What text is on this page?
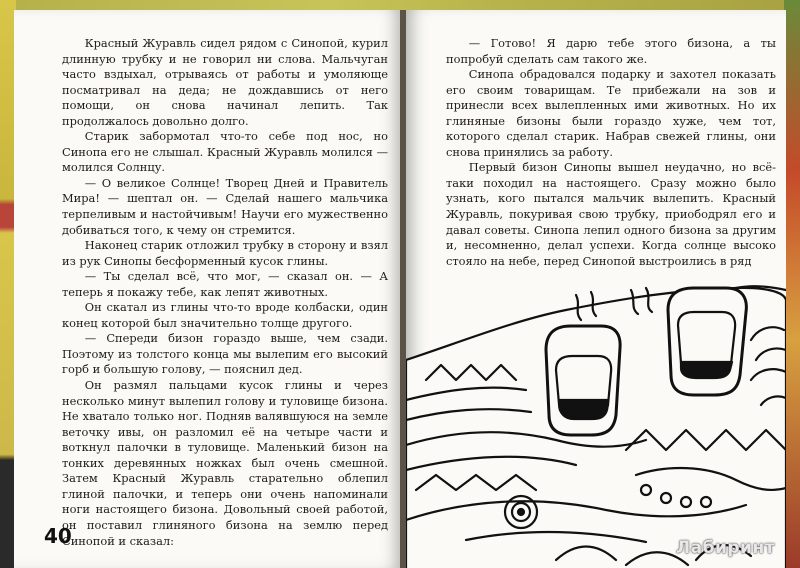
Красный Журавль сидел рядом с Синопой, курил длинную трубку и не говорил ни слова. Мальчуган часто вздыхал, отрываясь от работы и умоляюще посматривал на деда; не дождавшись от него помощи, он снова начинал лепить. Так продолжалось довольно долго.

Старик забормотал что-то себе под нос, но Синопа его не слышал. Красный Журавль молился — молился Солнцу.

— О великое Солнце! Творец Дней и Правитель Мира! — шептал он. — Сделай нашего мальчика терпеливым и настойчивым! Научи его мужественно добиваться того, к чему он стремится.

Наконец старик отложил трубку в сторону и взял из рук Синопы бесформенный кусок глины.

— Ты сделал всё, что мог, — сказал он. — А теперь я покажу тебе, как лепят животных.

Он скатал из глины что-то вроде колбаски, один конец которой был значительно толще другого.

— Спереди бизон гораздо выше, чем сзади. Поэтому из толстого конца мы вылепим его высокий горб и большую голову, — пояснил дед.

Он размял пальцами кусок глины и через несколько минут вылепил голову и туловище бизона. Не хватало только ног. Подняв валявшуюся на земле веточку ивы, он разломил её на четыре части и воткнул палочки в туловище. Маленький бизон на тонких деревянных ножках был очень смешной. Затем Красный Журавль старательно облепил глиной палочки, и теперь они очень напоминали ноги настоящего бизона. Довольный своей работой, он поставил глиняного бизона на землю перед Синопой и сказал:

40

— Готово! Я дарю тебе этого бизона, а ты попробуй сделать сам такого же.

Синопа обрадовался подарку и захотел показать его своим товарищам. Те прибежали на зов и принесли всех вылепленных ими животных. Но их глиняные бизоны были гораздо хуже, чем тот, которого сделал старик. Набрав свежей глины, они снова принялись за работу.

Первый бизон Синопы вышел неудачно, но всё-таки походил на настоящего. Сразу можно было узнать, кого пытался мальчик вылепить. Красный Журавль, покуривая свою трубку, приободрял его и давал советы. Синопа лепил одного бизона за другим и, несомненно, делал успехи. Когда солнце высоко стояло на небе, перед Синопой выстроились в ряд

Лабиринт
